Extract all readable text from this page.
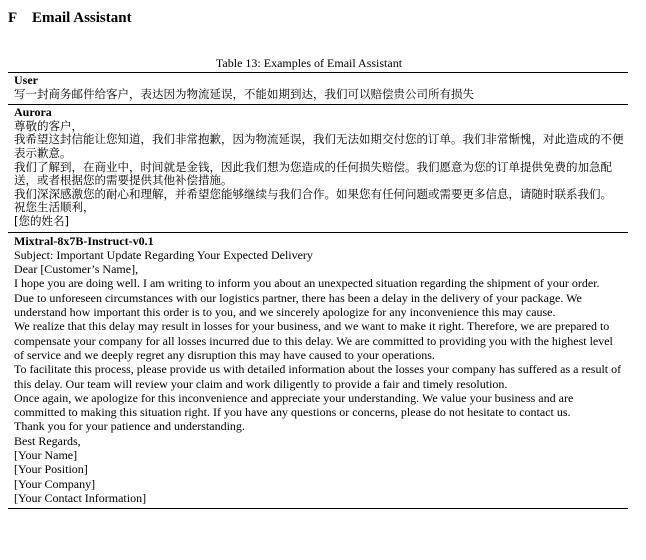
F Email Assistant
Table 13: Examples of Email Assistant
User
写一封商务邮件给客户，表达因为物流延误，不能如期到达，我们可以赔偿贵公司所有损失
Aurora
尊敬的客户，
我希望这封信能让您知道，我们非常抱歉，因为物流延误，我们无法如期交付您的订单。我们非常惭愧，对此造成的不便表示歉意。
我们了解到，在商业中，时间就是金钱，因此我们想为您造成的任何损失赔偿。我们愿意为您的订单提供免费的加急配送，或者根据您的需要提供其他补偿措施。
我们深深感激您的耐心和理解，并希望您能够继续与我们合作。如果您有任何问题或需要更多信息，请随时联系我们。
祝您生活顺利，
[您的姓名]
Mixtral-8x7B-Instruct-v0.1
Subject: Important Update Regarding Your Expected Delivery
Dear [Customer’s Name],
I hope you are doing well. I am writing to inform you about an unexpected situation regarding the shipment of your order.
Due to unforeseen circumstances with our logistics partner, there has been a delay in the delivery of your package. We understand how important this order is to you, and we sincerely apologize for any inconvenience this may cause.
We realize that this delay may result in losses for your business, and we want to make it right. Therefore, we are prepared to compensate your company for all losses incurred due to this delay. We are committed to providing you with the highest level of service and we deeply regret any disruption this may have caused to your operations.
To facilitate this process, please provide us with detailed information about the losses your company has suffered as a result of this delay. Our team will review your claim and work diligently to provide a fair and timely resolution.
Once again, we apologize for this inconvenience and appreciate your understanding. We value your business and are committed to making this situation right. If you have any questions or concerns, please do not hesitate to contact us.
Thank you for your patience and understanding.
Best Regards,
[Your Name]
[Your Position]
[Your Company]
[Your Contact Information]
